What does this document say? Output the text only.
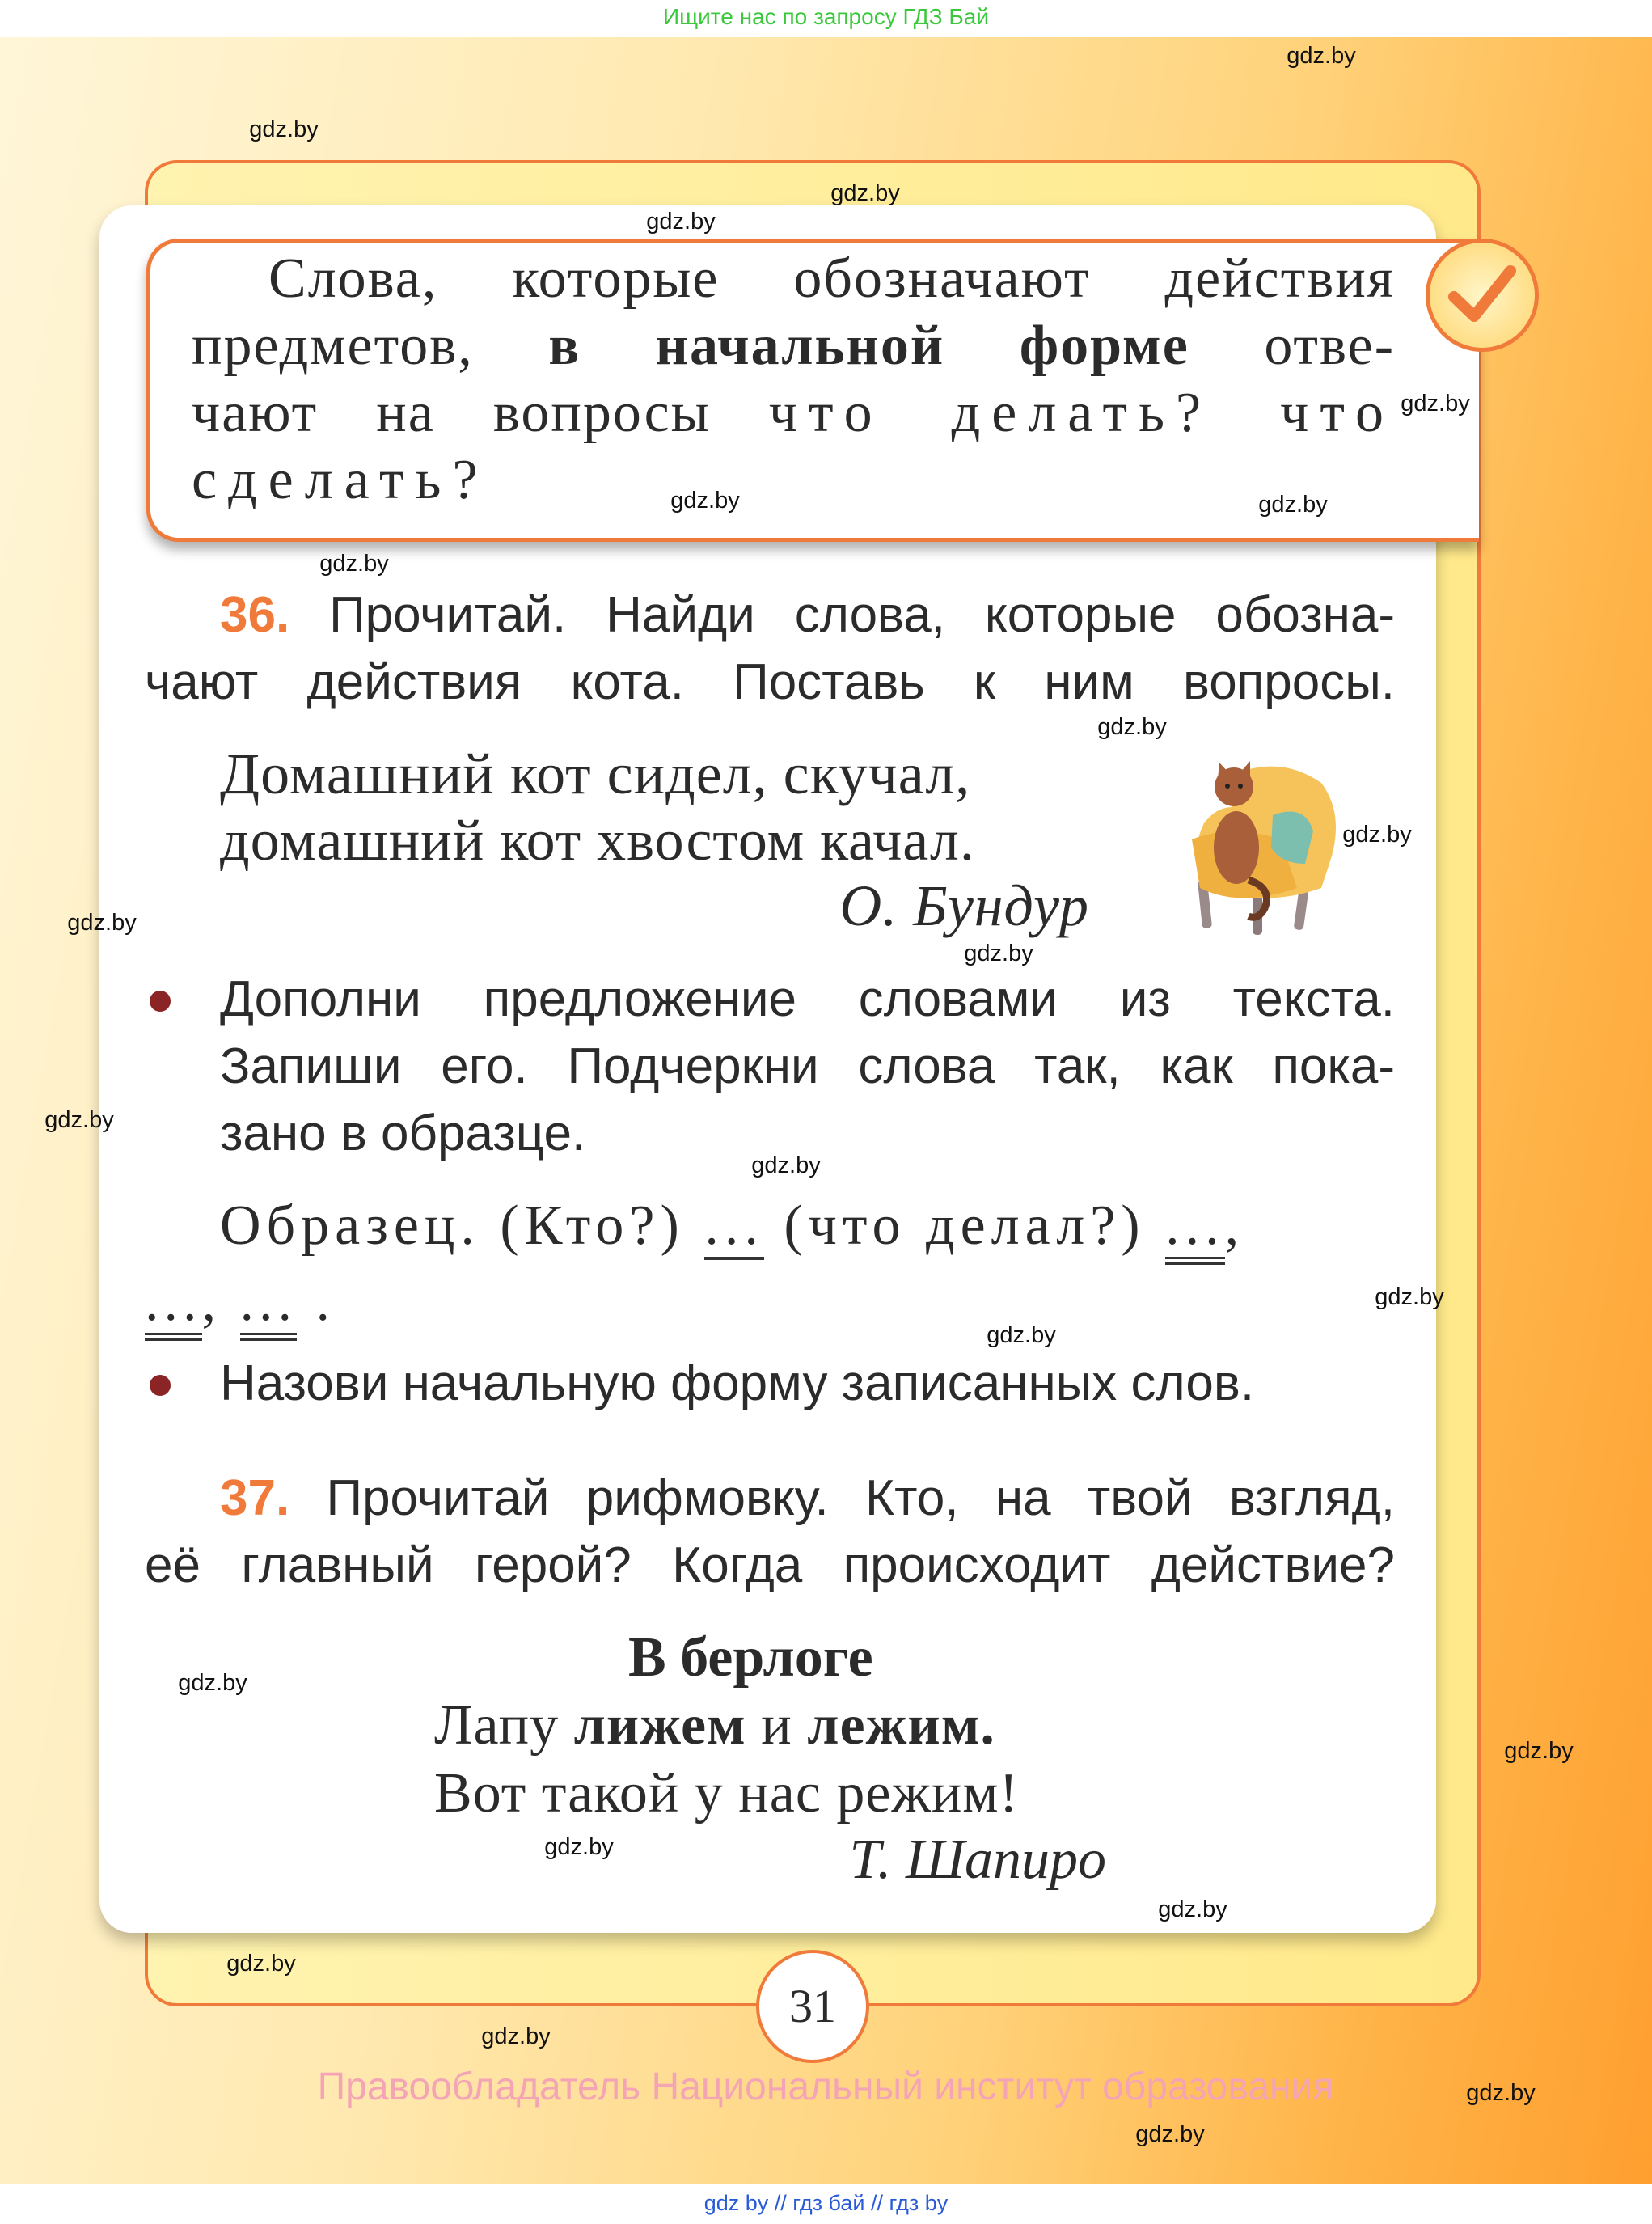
Ищите нас по запросу ГДЗ Бай
Слова, которые обозначают действия
предметов, в начальной форме отве-
чают на вопросы что делать? что
сделать?
36. Прочитай. Найди слова, которые обозна-
чают действия кота. Поставь к ним вопросы.
Домашний кот сидел, скучал,
домашний кот хвостом качал.
О. Бундур
Дополни предложение словами из текста.
Запиши его. Подчеркни слова так, как пока-
зано в образце.
Образец. (Кто?) ... (что делал?) ...,
..., ... .
Назови начальную форму записанных слов.
37. Прочитай рифмовку. Кто, на твой взгляд,
её главный герой? Когда происходит действие?
В берлоге
Лапу лижем и лежим.
Вот такой у нас режим!
Т. Шапиро
31
Правообладатель Национальный институт образования
gdz.by
gdz.by
gdz.by
gdz.by
gdz.by
gdz.by
gdz.by
gdz.by
gdz.by
gdz.by
gdz.by
gdz.by
gdz.by
gdz.by
gdz.by
gdz.by
gdz.by
gdz.by
gdz.by
gdz.by
gdz.by
gdz.by
gdz.by
gdz.by
gdz by // гдз бай // гдз by
